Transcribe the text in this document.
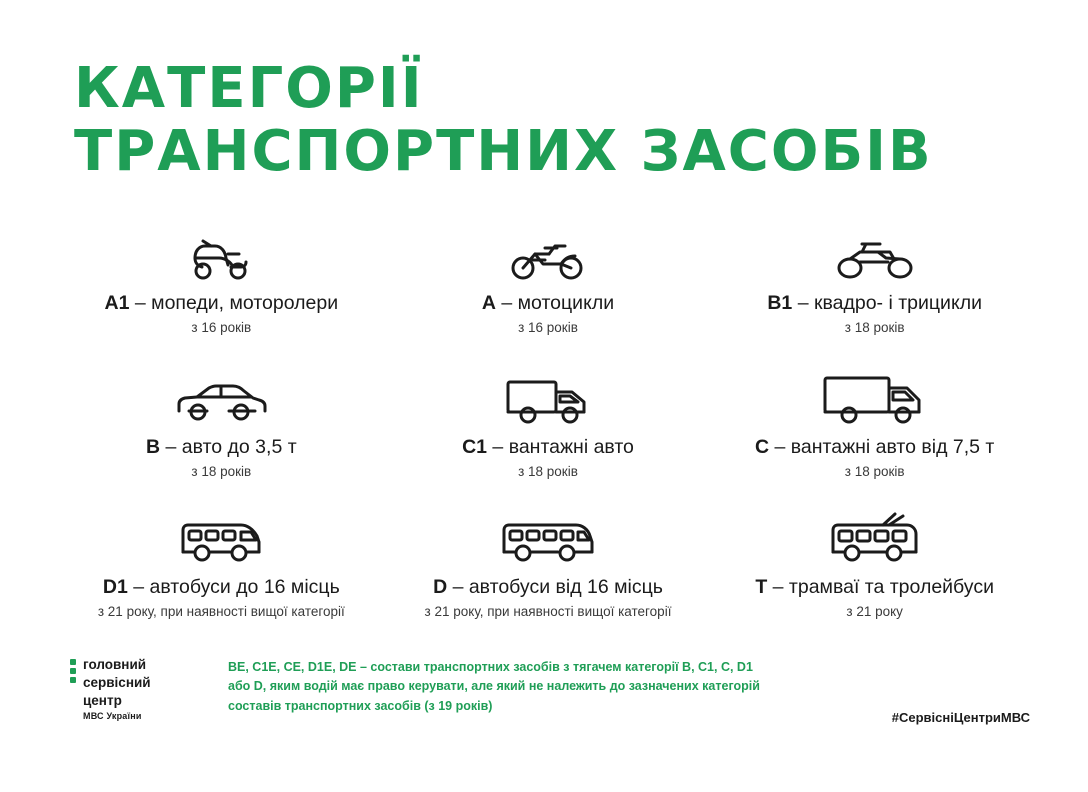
КАТЕГОРІЇ
ТРАНСПОРТНИХ ЗАСОБІВ
A1 – мопеди, моторолери
з 16 років
A – мотоцикли
з 16 років
B1 – квадро- і трицикли
з 18 років
B – авто до 3,5 т
з 18 років
C1 – вантажні авто
з 18 років
C – вантажні авто від 7,5 т
з 18 років
D1 – автобуси до 16 місць
з 21 року, при наявності вищої категорії
D – автобуси від 16 місць
з 21 року, при наявності вищої категорії
T – трамваї та тролейбуси
з 21 року
головний
сервісний
центр
МВС України
BE, C1E, CE, D1E, DE – состави транспортних засобів з тягачем категорії B, C1, C, D1
або D, яким водій має право керувати, але який не належить до зазначених категорій
составів транспортних засобів (з 19 років)
#СервісніЦентриМВС
